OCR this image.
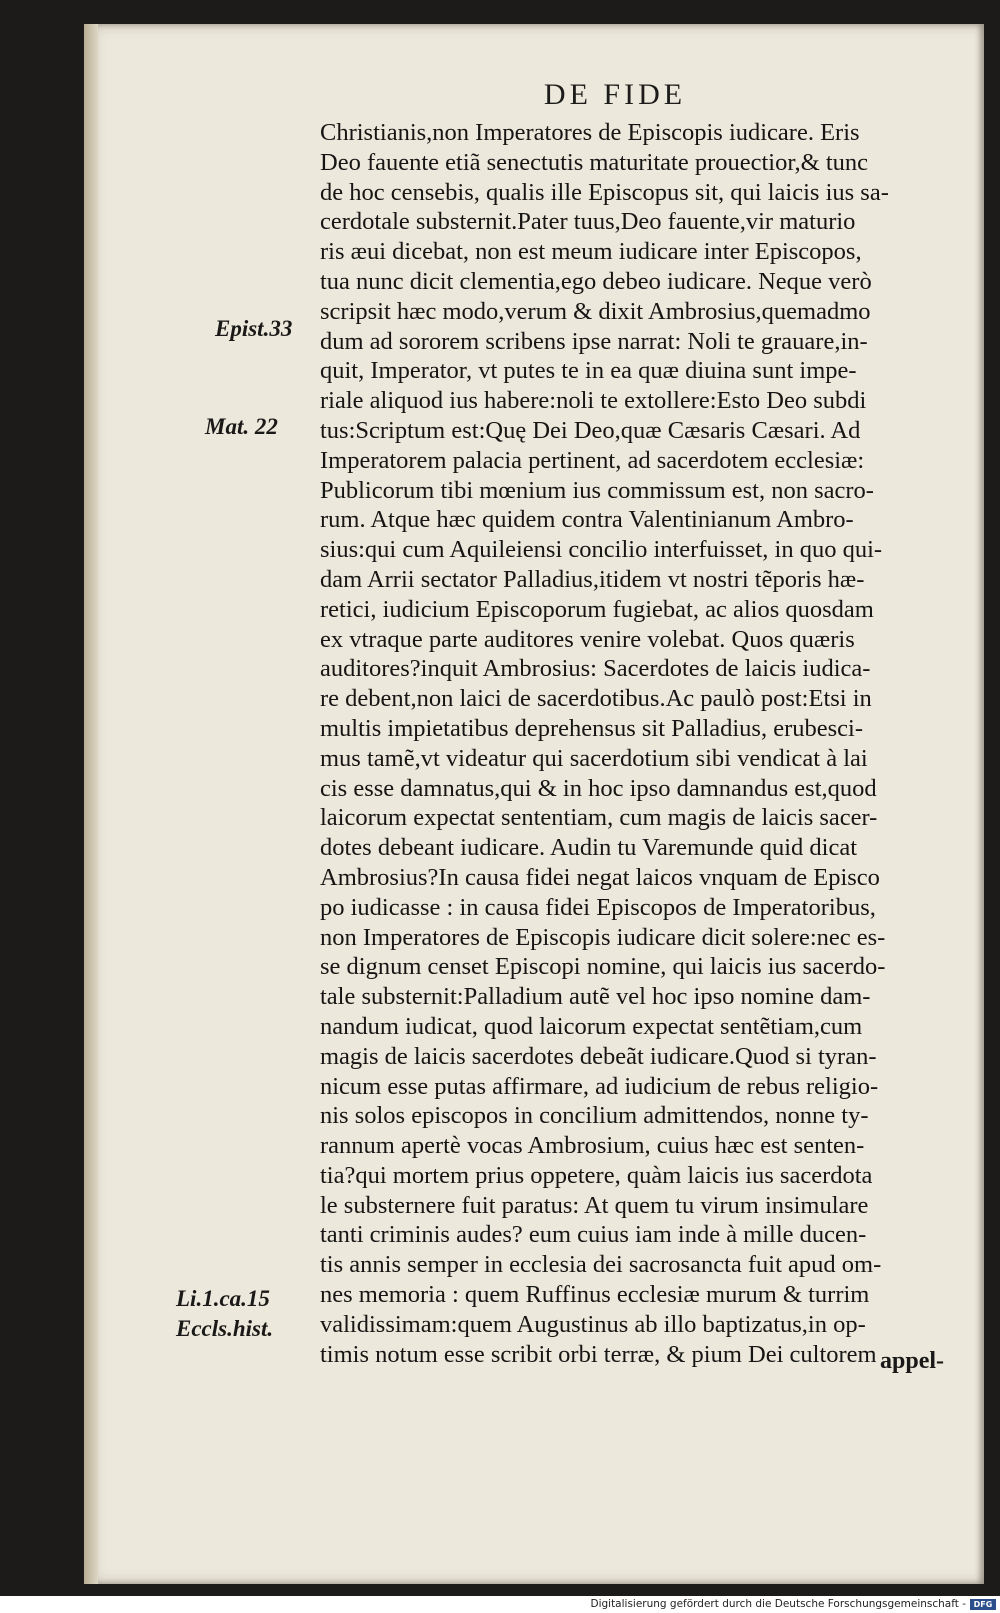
DE FIDE
Christianis,non Imperatores de Episcopis iudicare. Eris
Deo fauente etiã senectutis maturitate prouectior,& tunc
de hoc censebis, qualis ille Episcopus sit, qui laicis ius sa-
cerdotale substernit.Pater tuus,Deo fauente,vir maturio
ris æui dicebat, non est meum iudicare inter Episcopos,
tua nunc dicit clementia,ego debeo iudicare. Neque verò
scripsit hæc modo,verum & dixit Ambrosius,quemadmo
dum ad sororem scribens ipse narrat: Noli te grauare,in-
quit, Imperator, vt putes te in ea quæ diuina sunt impe-
riale aliquod ius habere:noli te extollere:Esto Deo subdi
tus:Scriptum est:Quę Dei Deo,quæ Cæsaris Cæsari. Ad
Imperatorem palacia pertinent, ad sacerdotem ecclesiæ:
Publicorum tibi mœnium ius commissum est, non sacro-
rum. Atque hæc quidem contra Valentinianum Ambro-
sius:qui cum Aquileiensi concilio interfuisset, in quo qui-
dam Arrii sectator Palladius,itidem vt nostri tẽporis hæ-
retici, iudicium Episcoporum fugiebat, ac alios quosdam
ex vtraque parte auditores venire volebat. Quos quæris
auditores?inquit Ambrosius: Sacerdotes de laicis iudica-
re debent,non laici de sacerdotibus.Ac paulò post:Etsi in
multis impietatibus deprehensus sit Palladius, erubesci-
mus tamẽ,vt videatur qui sacerdotium sibi vendicat à lai
cis esse damnatus,qui & in hoc ipso damnandus est,quod
laicorum expectat sententiam, cum magis de laicis sacer-
dotes debeant iudicare. Audin tu Varemunde quid dicat
Ambrosius?In causa fidei negat laicos vnquam de Episco
po iudicasse : in causa fidei Episcopos de Imperatoribus,
non Imperatores de Episcopis iudicare dicit solere:nec es-
se dignum censet Episcopi nomine, qui laicis ius sacerdo-
tale substernit:Palladium autẽ vel hoc ipso nomine dam-
nandum iudicat, quod laicorum expectat sentẽtiam,cum
magis de laicis sacerdotes debeãt iudicare.Quod si tyran-
nicum esse putas affirmare, ad iudicium de rebus religio-
nis solos episcopos in concilium admittendos, nonne ty-
rannum apertè vocas Ambrosium, cuius hæc est senten-
tia?qui mortem prius oppetere, quàm laicis ius sacerdota
le substernere fuit paratus: At quem tu virum insimulare
tanti criminis audes? eum cuius iam inde à mille ducen-
tis annis semper in ecclesia dei sacrosancta fuit apud om-
nes memoria : quem Ruffinus ecclesiæ murum & turrim
validissimam:quem Augustinus ab illo baptizatus,in op-
timis notum esse scribit orbi terræ, & pium Dei cultorem
Epist.33
Mat. 22
Li.1.ca.15
Eccls.hist.
appel-
Digitalisierung gefördert durch die Deutsche Forschungsgemeinschaft - DFG
